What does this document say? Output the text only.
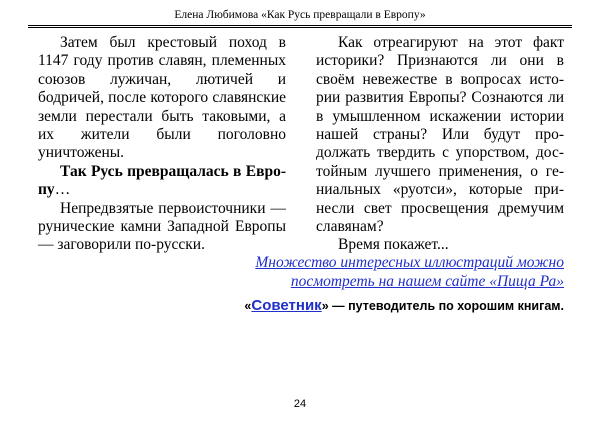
Елена Любимова «Как Русь превращали в Европу»

Затем был крестовый поход в 1147 году против славян, племенных союзов лужичан, лютичей и бодричей, после которого славянские земли перестали быть таковыми, а их жители были поголовно уничтожены.

Так Русь превращалась в Европу…

Непредвзятые первоисточники — рунические камни Западной Европы — заговорили по-русски.

Как отреагируют на этот факт историки? Признаются ли они в своём невежестве в вопросах истории развития Европы? Сознаются ли в умышленном искажении истории нашей страны? Или будут продолжать твердить с упорством, достойным лучшего применения, о гениальных «руотси», которые принесли свет просвещения дремучим славянам?

Время покажет...

Множество интересных иллюстраций можно посмотреть на нашем сайте «Пища Ра»
«Советник» — путеводитель по хорошим книгам.
24
